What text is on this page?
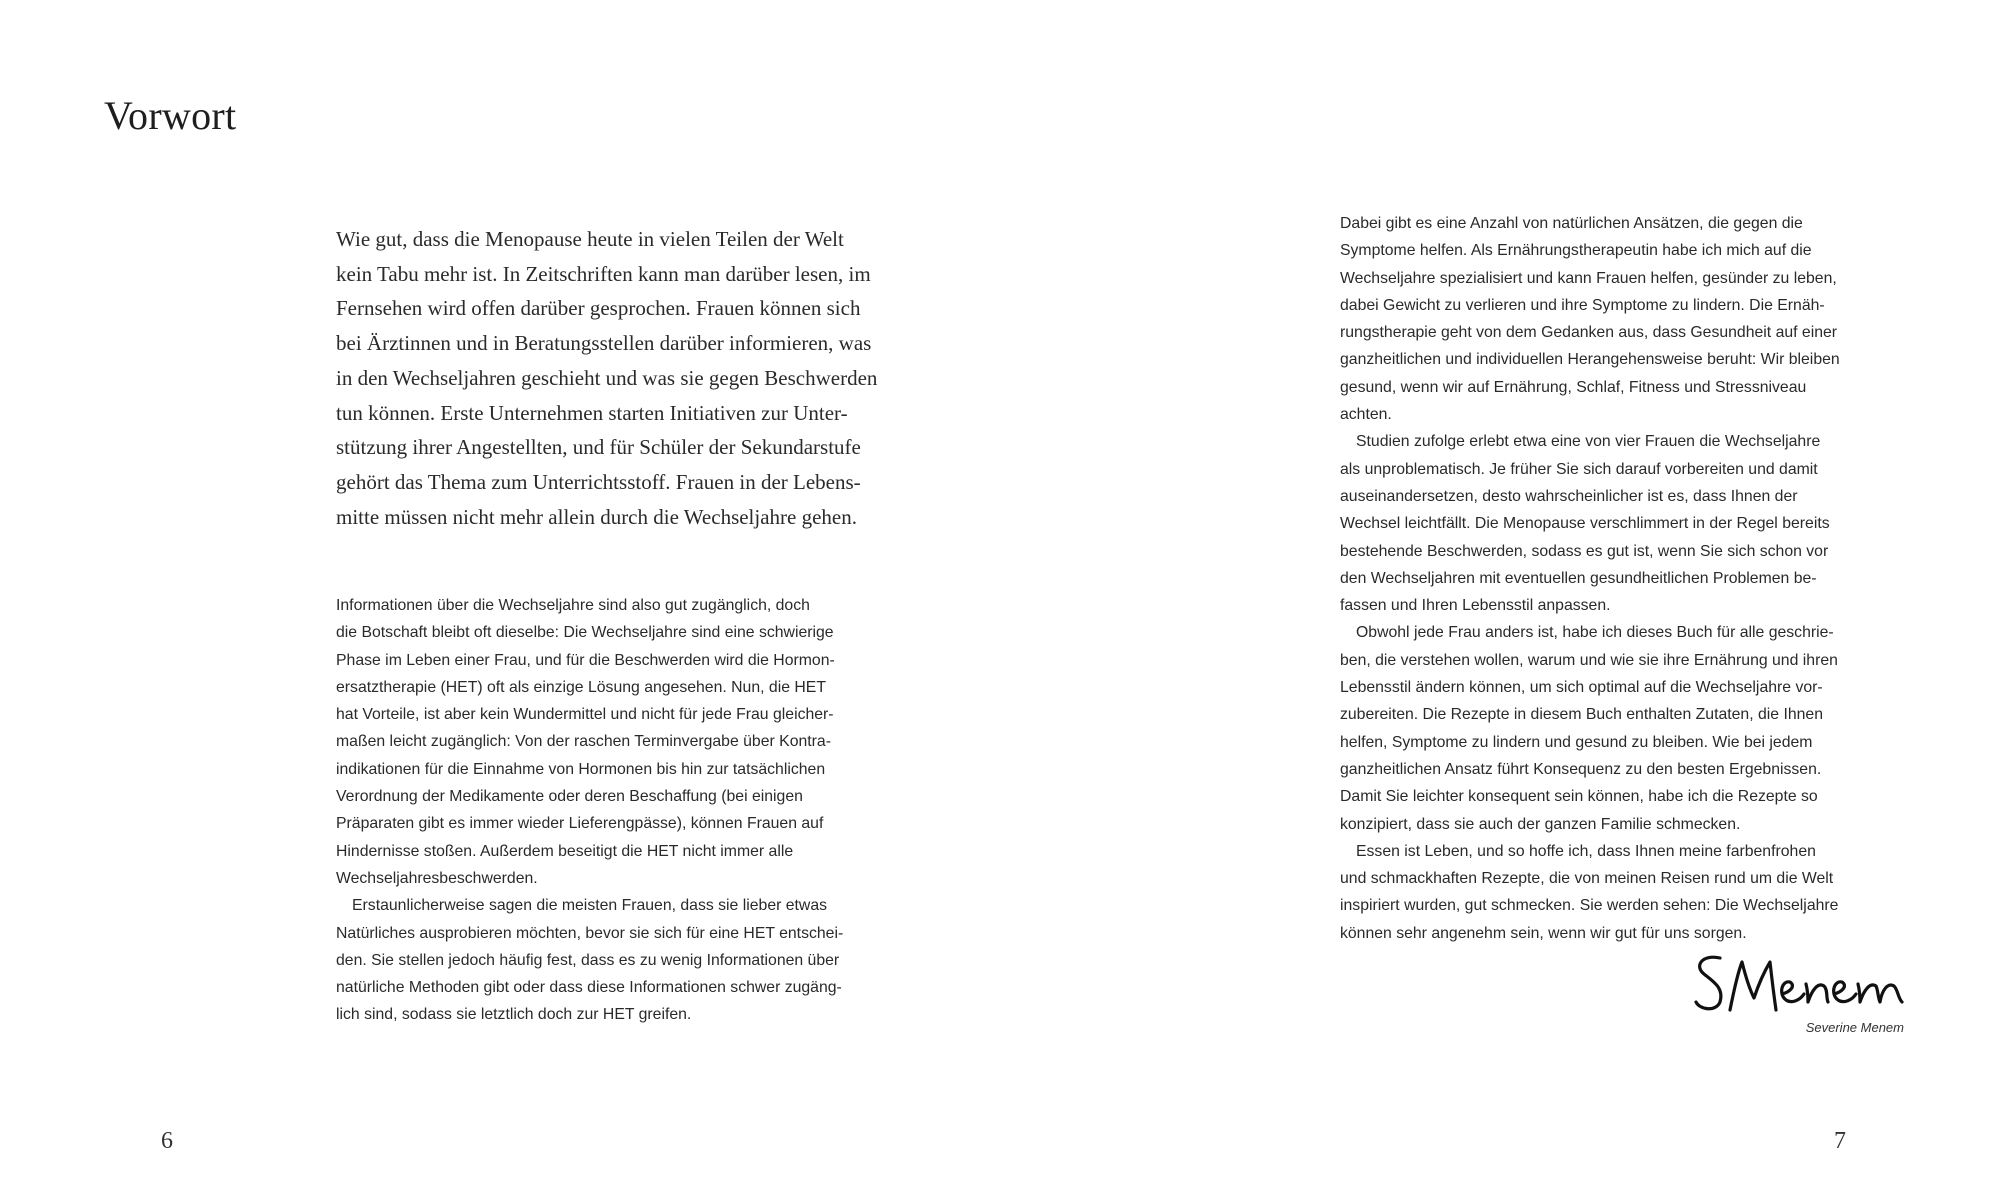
Vorwort
Wie gut, dass die Menopause heute in vielen Teilen der Welt
kein Tabu mehr ist. In Zeitschriften kann man darüber lesen, im
Fernsehen wird offen darüber gesprochen. Frauen können sich
bei Ärztinnen und in Beratungsstellen darüber informieren, was
in den Wechseljahren geschieht und was sie gegen Beschwerden
tun können. Erste Unternehmen starten Initiativen zur Unter-
stützung ihrer Angestellten, und für Schüler der Sekundarstufe
gehört das Thema zum Unterrichtsstoff. Frauen in der Lebens-
mitte müssen nicht mehr allein durch die Wechseljahre gehen.
Informationen über die Wechseljahre sind also gut zugänglich, doch
die Botschaft bleibt oft dieselbe: Die Wechseljahre sind eine schwierige
Phase im Leben einer Frau, und für die Beschwerden wird die Hormon-
ersatztherapie (HET) oft als einzige Lösung angesehen. Nun, die HET
hat Vorteile, ist aber kein Wundermittel und nicht für jede Frau gleicher-
maßen leicht zugänglich: Von der raschen Terminvergabe über Kontra-
indikationen für die Einnahme von Hormonen bis hin zur tatsächlichen
Verordnung der Medikamente oder deren Beschaffung (bei einigen
Präparaten gibt es immer wieder Lieferengpässe), können Frauen auf
Hindernisse stoßen. Außerdem beseitigt die HET nicht immer alle
Wechseljahresbeschwerden.
Erstaunlicherweise sagen die meisten Frauen, dass sie lieber etwas
Natürliches ausprobieren möchten, bevor sie sich für eine HET entschei-
den. Sie stellen jedoch häufig fest, dass es zu wenig Informationen über
natürliche Methoden gibt oder dass diese Informationen schwer zugäng-
lich sind, sodass sie letztlich doch zur HET greifen.
6
Dabei gibt es eine Anzahl von natürlichen Ansätzen, die gegen die
Symptome helfen. Als Ernährungstherapeutin habe ich mich auf die
Wechseljahre spezialisiert und kann Frauen helfen, gesünder zu leben,
dabei Gewicht zu verlieren und ihre Symptome zu lindern. Die Ernäh-
rungstherapie geht von dem Gedanken aus, dass Gesundheit auf einer
ganzheitlichen und individuellen Herangehensweise beruht: Wir bleiben
gesund, wenn wir auf Ernährung, Schlaf, Fitness und Stressniveau
achten.
Studien zufolge erlebt etwa eine von vier Frauen die Wechseljahre
als unproblematisch. Je früher Sie sich darauf vorbereiten und damit
auseinandersetzen, desto wahrscheinlicher ist es, dass Ihnen der
Wechsel leichtfällt. Die Menopause verschlimmert in der Regel bereits
bestehende Beschwerden, sodass es gut ist, wenn Sie sich schon vor
den Wechseljahren mit eventuellen gesundheitlichen Problemen be-
fassen und Ihren Lebensstil anpassen.
Obwohl jede Frau anders ist, habe ich dieses Buch für alle geschrie-
ben, die verstehen wollen, warum und wie sie ihre Ernährung und ihren
Lebensstil ändern können, um sich optimal auf die Wechseljahre vor-
zubereiten. Die Rezepte in diesem Buch enthalten Zutaten, die Ihnen
helfen, Symptome zu lindern und gesund zu bleiben. Wie bei jedem
ganzheitlichen Ansatz führt Konsequenz zu den besten Ergebnissen.
Damit Sie leichter konsequent sein können, habe ich die Rezepte so
konzipiert, dass sie auch der ganzen Familie schmecken.
Essen ist Leben, und so hoffe ich, dass Ihnen meine farbenfrohen
und schmackhaften Rezepte, die von meinen Reisen rund um die Welt
inspiriert wurden, gut schmecken. Sie werden sehen: Die Wechseljahre
können sehr angenehm sein, wenn wir gut für uns sorgen.
Severine Menem
7
